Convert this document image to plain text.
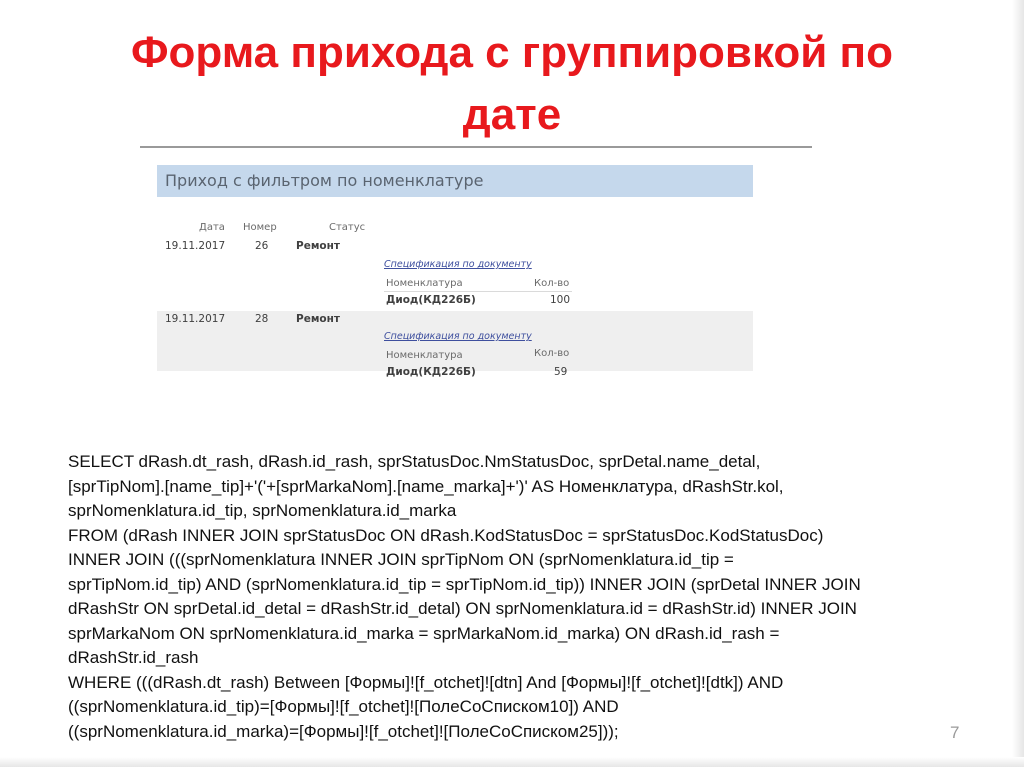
Форма прихода с группировкой по
дате
Приход с фильтром по номенклатуре
Дата Номер	Статус
19.11.2017	26	Ремонт
Спецификация по документу
Номенклатура	Кол-во
Диод(КД226Б)	100
19.11.2017	28	Ремонт
Спецификация по документу
Номенклатура	Кол-во
Диод(КД226Б)	59
SELECT dRash.dt_rash, dRash.id_rash, sprStatusDoc.NmStatusDoc, sprDetal.name_detal,
[sprTipNom].[name_tip]+'('+[sprMarkaNom].[name_marka]+')' AS Номенклатура, dRashStr.kol,
sprNomenklatura.id_tip, sprNomenklatura.id_marka
FROM (dRash INNER JOIN sprStatusDoc ON dRash.KodStatusDoc = sprStatusDoc.KodStatusDoc)
INNER JOIN (((sprNomenklatura INNER JOIN sprTipNom ON (sprNomenklatura.id_tip =
sprTipNom.id_tip) AND (sprNomenklatura.id_tip = sprTipNom.id_tip)) INNER JOIN (sprDetal INNER JOIN
dRashStr ON sprDetal.id_detal = dRashStr.id_detal) ON sprNomenklatura.id = dRashStr.id) INNER JOIN
sprMarkaNom ON sprNomenklatura.id_marka = sprMarkaNom.id_marka) ON dRash.id_rash =
dRashStr.id_rash
WHERE (((dRash.dt_rash) Between [Формы]![f_otchet]![dtn] And [Формы]![f_otchet]![dtk]) AND
((sprNomenklatura.id_tip)=[Формы]![f_otchet]![ПолеСоСписком10]) AND
((sprNomenklatura.id_marka)=[Формы]![f_otchet]![ПолеСоСписком25]));	7
